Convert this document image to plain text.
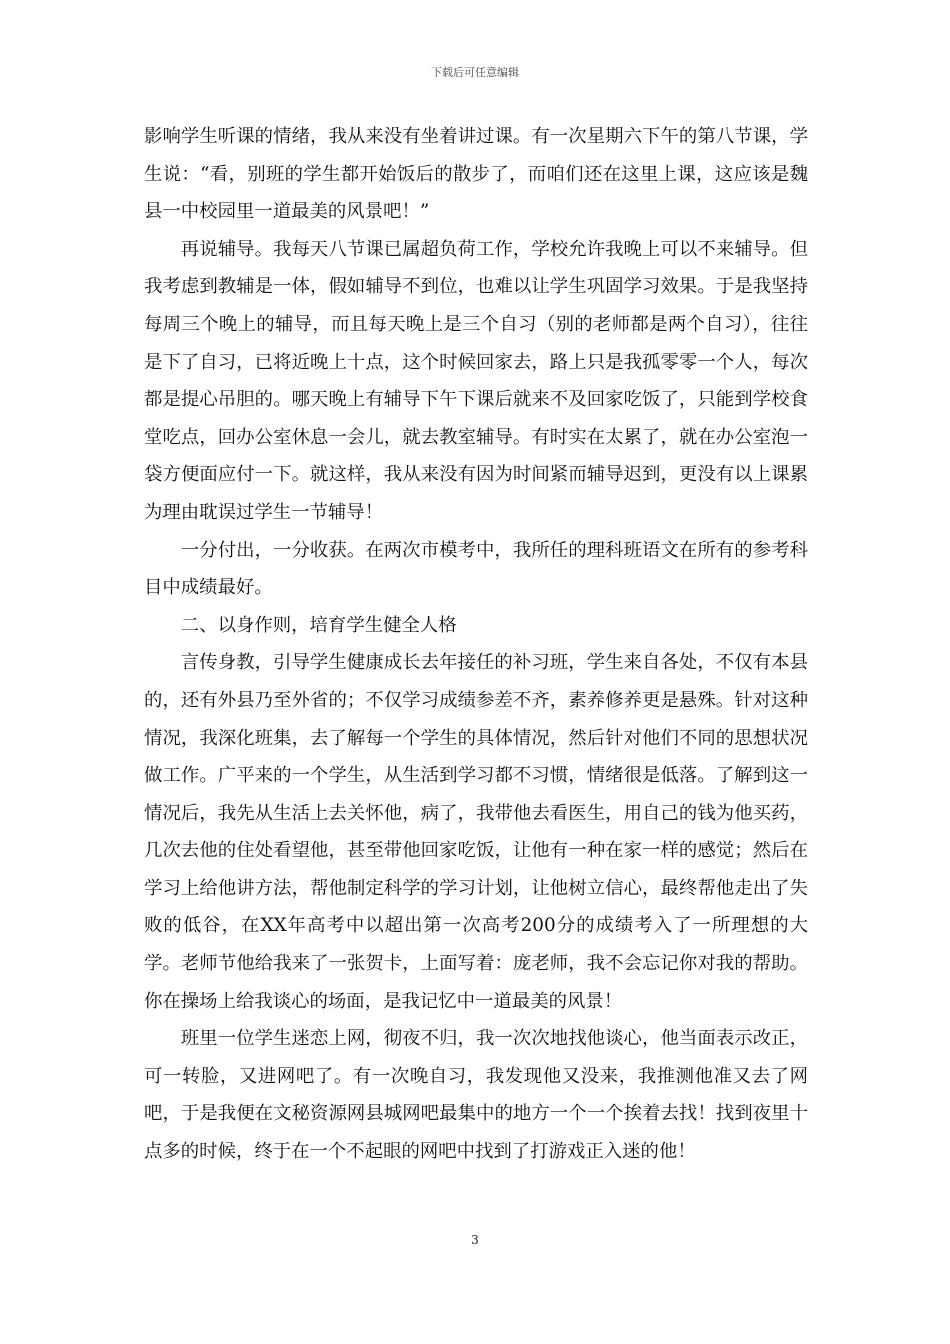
下载后可任意编辑

影响学生听课的情绪，我从来没有坐着讲过课。有一次星期六下午的第八节课，学生说：“看，别班的学生都开始饭后的散步了，而咱们还在这里上课，这应该是魏县一中校园里一道最美的风景吧！”

再说辅导。我每天八节课已属超负荷工作，学校允许我晚上可以不来辅导。但我考虑到教辅是一体，假如辅导不到位，也难以让学生巩固学习效果。于是我坚持每周三个晚上的辅导，而且每天晚上是三个自习（别的老师都是两个自习），往往是下了自习，已将近晚上十点，这个时候回家去，路上只是我孤零零一个人，每次都是提心吊胆的。哪天晚上有辅导下午下课后就来不及回家吃饭了，只能到学校食堂吃点，回办公室休息一会儿，就去教室辅导。有时实在太累了，就在办公室泡一袋方便面应付一下。就这样，我从来没有因为时间紧而辅导迟到，更没有以上课累为理由耽误过学生一节辅导！

一分付出，一分收获。在两次市模考中，我所任的理科班语文在所有的参考科目中成绩最好。

二、以身作则，培育学生健全人格

言传身教，引导学生健康成长去年接任的补习班，学生来自各处，不仅有本县的，还有外县乃至外省的；不仅学习成绩参差不齐，素养修养更是悬殊。针对这种情况，我深化班集，去了解每一个学生的具体情况，然后针对他们不同的思想状况做工作。广平来的一个学生，从生活到学习都不习惯，情绪很是低落。了解到这一情况后，我先从生活上去关怀他，病了，我带他去看医生，用自己的钱为他买药，几次去他的住处看望他，甚至带他回家吃饭，让他有一种在家一样的感觉；然后在学习上给他讲方法，帮他制定科学的学习计划，让他树立信心，最终帮他走出了失败的低谷，在XX年高考中以超出第一次高考200分的成绩考入了一所理想的大学。老师节他给我来了一张贺卡，上面写着：庞老师，我不会忘记你对我的帮助。你在操场上给我谈心的场面，是我记忆中一道最美的风景！

班里一位学生迷恋上网，彻夜不归，我一次次地找他谈心，他当面表示改正，可一转脸，又进网吧了。有一次晚自习，我发现他又没来，我推测他准又去了网吧，于是我便在文秘资源网县城网吧最集中的地方一个一个挨着去找！找到夜里十点多的时候，终于在一个不起眼的网吧中找到了打游戏正入迷的他！

3
